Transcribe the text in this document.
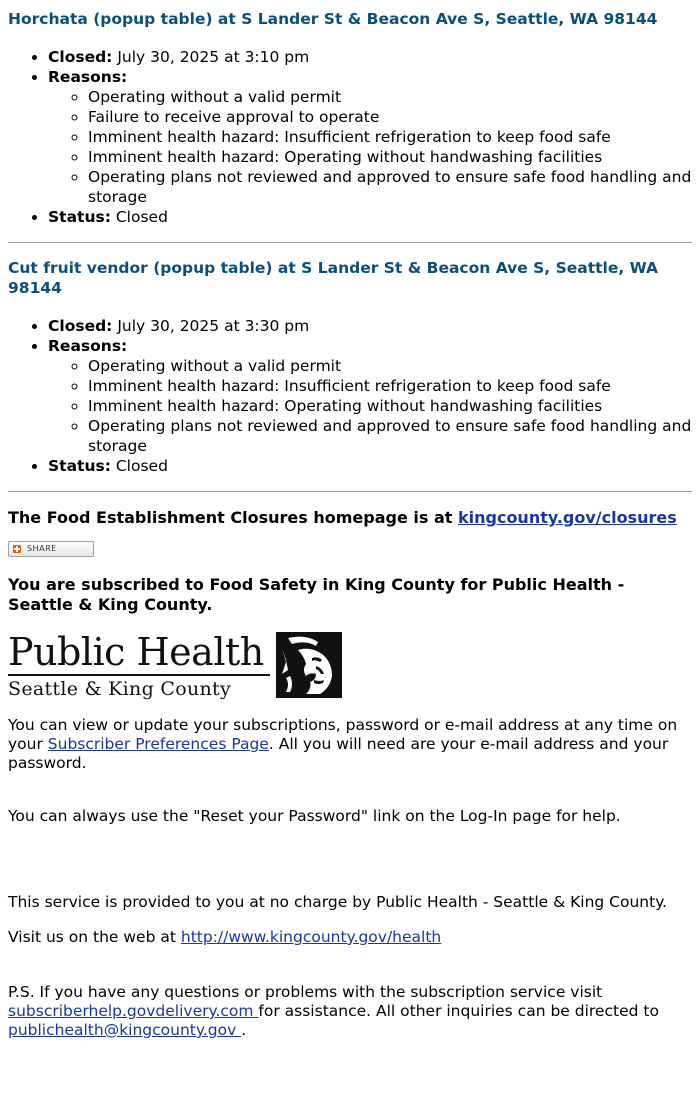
Horchata (popup table) at S Lander St & Beacon Ave S, Seattle, WA 98144
• Closed: July 30, 2025 at 3:10 pm
• Reasons:
◦ Operating without a valid permit
◦ Failure to receive approval to operate
◦ Imminent health hazard: Insufficient refrigeration to keep food safe
◦ Imminent health hazard: Operating without handwashing facilities
◦ Operating plans not reviewed and approved to ensure safe food handling and storage
• Status: Closed
Cut fruit vendor (popup table) at S Lander St & Beacon Ave S, Seattle, WA 98144
• Closed: July 30, 2025 at 3:30 pm
• Reasons:
◦ Operating without a valid permit
◦ Imminent health hazard: Insufficient refrigeration to keep food safe
◦ Imminent health hazard: Operating without handwashing facilities
◦ Operating plans not reviewed and approved to ensure safe food handling and storage
• Status: Closed
The Food Establishment Closures homepage is at kingcounty.gov/closures
SHARE
You are subscribed to Food Safety in King County for Public Health - Seattle & King County.
Public Health
Seattle & King County

You can view or update your subscriptions, password or e-mail address at any time on your Subscriber Preferences Page. All you will need are your e-mail address and your password.

You can always use the "Reset your Password" link on the Log-In page for help.

This service is provided to you at no charge by Public Health - Seattle & King County.

Visit us on the web at http://www.kingcounty.gov/health

P.S. If you have any questions or problems with the subscription service visit subscriberhelp.govdelivery.com for assistance. All other inquiries can be directed to publichealth@kingcounty.gov .
